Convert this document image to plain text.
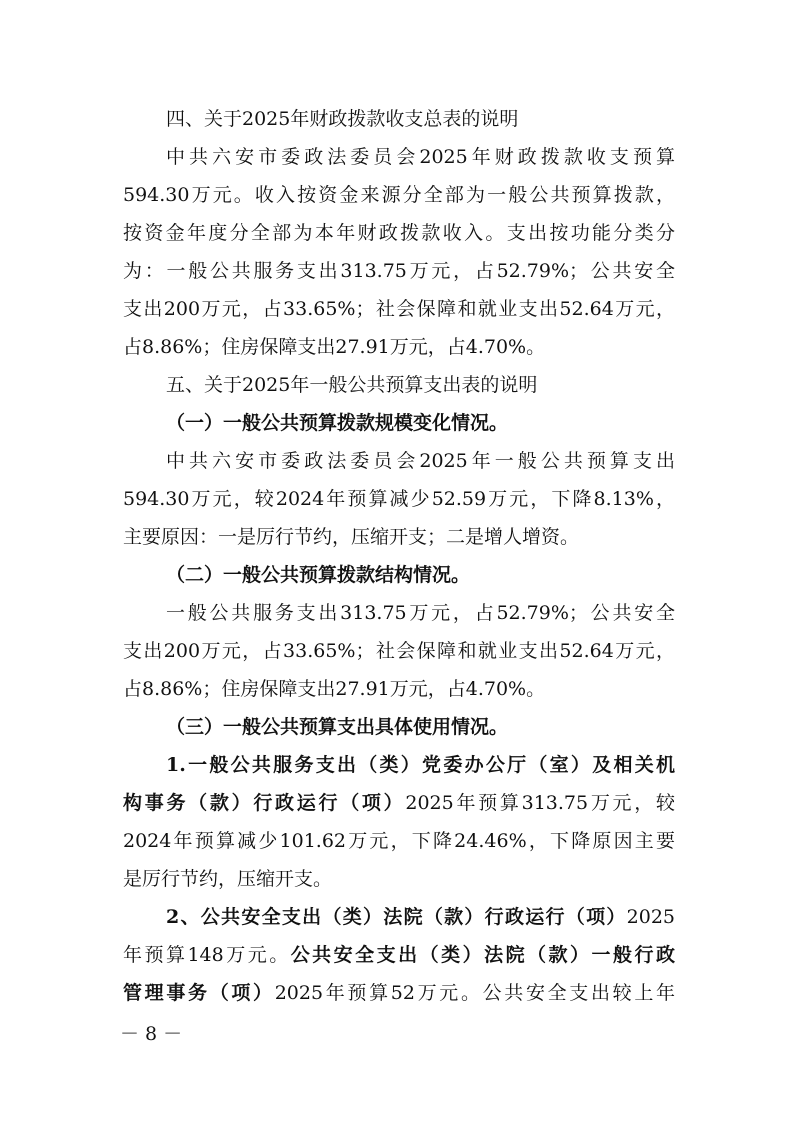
四、关于2025年财政拨款收支总表的说明
中共六安市委政法委员会2025年财政拨款收支预算
594.30万元。收入按资金来源分全部为一般公共预算拨款，
按资金年度分全部为本年财政拨款收入。支出按功能分类分
为：一般公共服务支出313.75万元，占52.79%；公共安全
支出200万元，占33.65%；社会保障和就业支出52.64万元，
占8.86%；住房保障支出27.91万元，占4.70%。
五、关于2025年一般公共预算支出表的说明
（一）一般公共预算拨款规模变化情况。
中共六安市委政法委员会2025年一般公共预算支出
594.30万元，较2024年预算减少52.59万元，下降8.13%，
主要原因：一是厉行节约，压缩开支；二是增人增资。
（二）一般公共预算拨款结构情况。
一般公共服务支出313.75万元，占52.79%；公共安全
支出200万元，占33.65%；社会保障和就业支出52.64万元，
占8.86%；住房保障支出27.91万元，占4.70%。
（三）一般公共预算支出具体使用情况。
1.一般公共服务支出（类）党委办公厅（室）及相关机
构事务（款）行政运行（项）2025年预算313.75万元，较
2024年预算减少101.62万元，下降24.46%，下降原因主要
是厉行节约，压缩开支。
2、公共安全支出（类）法院（款）行政运行（项）2025
年预算148万元。公共安全支出（类）法院（款）一般行政
管理事务（项）2025年预算52万元。公共安全支出较上年
－ 8 －
